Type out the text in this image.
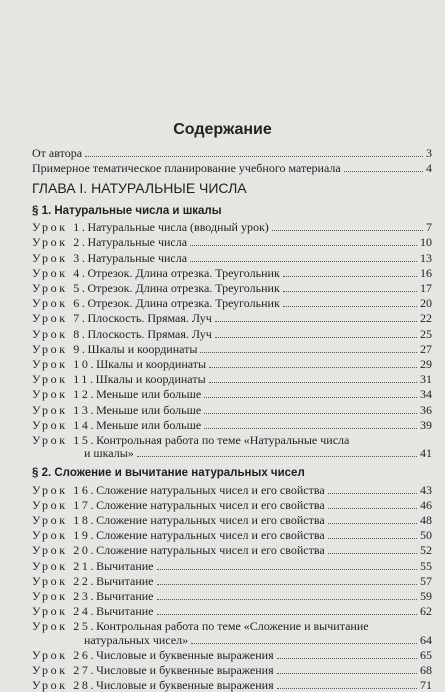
Содержание
От автора	3
Примерное тематическое планирование учебного материала	4
ГЛАВА I. НАТУРАЛЬНЫЕ ЧИСЛА
§ 1. Натуральные числа и шкалы
Урок 1. Натуральные числа (вводный урок)	7
Урок 2. Натуральные числа	10
Урок 3. Натуральные числа	13
Урок 4. Отрезок. Длина отрезка. Треугольник	16
Урок 5. Отрезок. Длина отрезка. Треугольник	17
Урок 6. Отрезок. Длина отрезка. Треугольник	20
Урок 7. Плоскость. Прямая. Луч	22
Урок 8. Плоскость. Прямая. Луч	25
Урок 9. Шкалы и координаты	27
Урок 10. Шкалы и координаты	29
Урок 11. Шкалы и координаты	31
Урок 12. Меньше или больше	34
Урок 13. Меньше или больше	36
Урок 14. Меньше или больше	39
Урок 15. Контрольная работа по теме «Натуральные числа
и шкалы»	41
§ 2. Сложение и вычитание натуральных чисел
Урок 16. Сложение натуральных чисел и его свойства	43
Урок 17. Сложение натуральных чисел и его свойства	46
Урок 18. Сложение натуральных чисел и его свойства	48
Урок 19. Сложение натуральных чисел и его свойства	50
Урок 20. Сложение натуральных чисел и его свойства	52
Урок 21. Вычитание	55
Урок 22. Вычитание	57
Урок 23. Вычитание	59
Урок 24. Вычитание	62
Урок 25. Контрольная работа по теме «Сложение и вычитание
натуральных чисел»	64
Урок 26. Числовые и буквенные выражения	65
Урок 27. Числовые и буквенные выражения	68
Урок 28. Числовые и буквенные выражения	71
